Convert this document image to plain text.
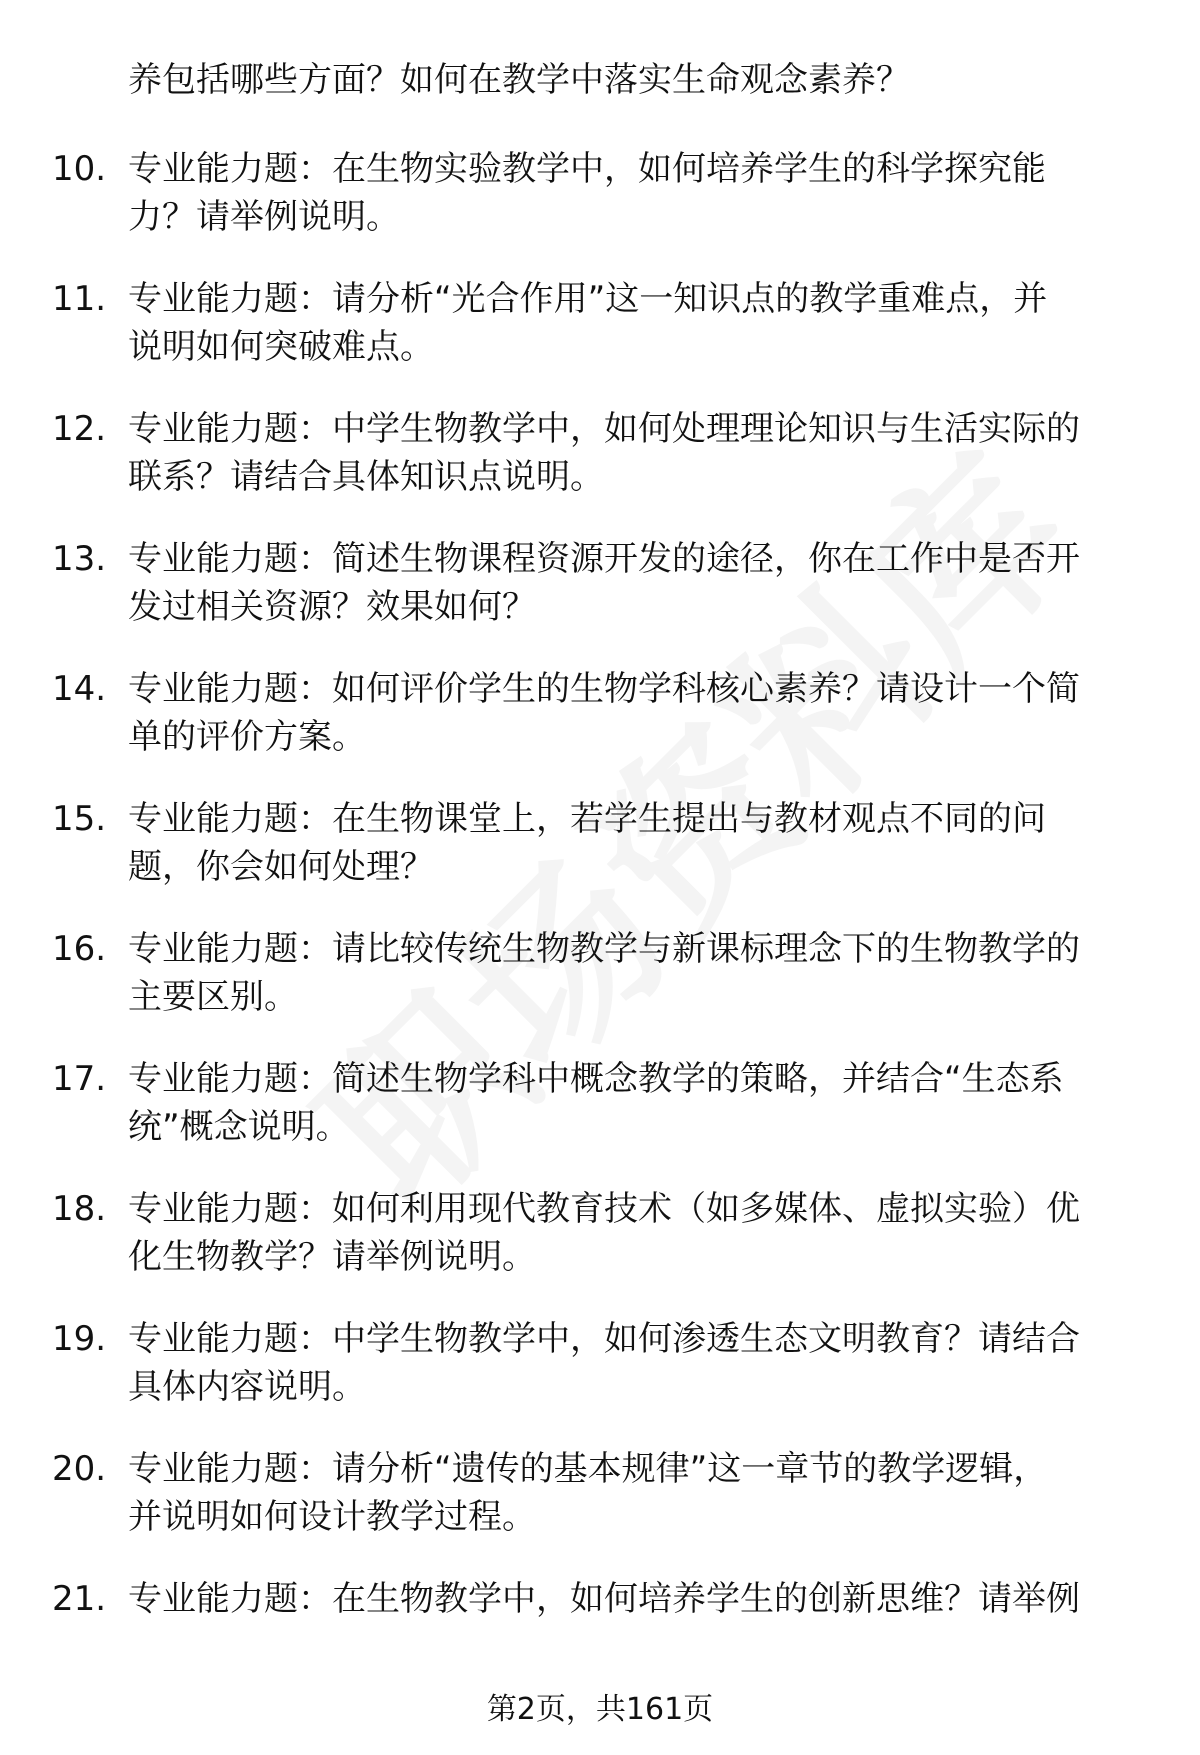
养包括哪些方面？如何在教学中落实生命观念素养？
10. 专业能力题：在生物实验教学中，如何培养学生的科学探究能
力？请举例说明。
11. 专业能力题：请分析“光合作用”这一知识点的教学重难点，并
说明如何突破难点。
12. 专业能力题：中学生物教学中，如何处理理论知识与生活实际的
联系？请结合具体知识点说明。
13. 专业能力题：简述生物课程资源开发的途径，你在工作中是否开
发过相关资源？效果如何？
14. 专业能力题：如何评价学生的生物学科核心素养？请设计一个简
单的评价方案。
15. 专业能力题：在生物课堂上，若学生提出与教材观点不同的问
题，你会如何处理？
16. 专业能力题：请比较传统生物教学与新课标理念下的生物教学的
主要区别。
17. 专业能力题：简述生物学科中概念教学的策略，并结合“生态系
统”概念说明。
18. 专业能力题：如何利用现代教育技术（如多媒体、虚拟实验）优
化生物教学？请举例说明。
19. 专业能力题：中学生物教学中，如何渗透生态文明教育？请结合
具体内容说明。
20. 专业能力题：请分析“遗传的基本规律”这一章节的教学逻辑，
并说明如何设计教学过程。
21. 专业能力题：在生物教学中，如何培养学生的创新思维？请举例
第2页，共161页
